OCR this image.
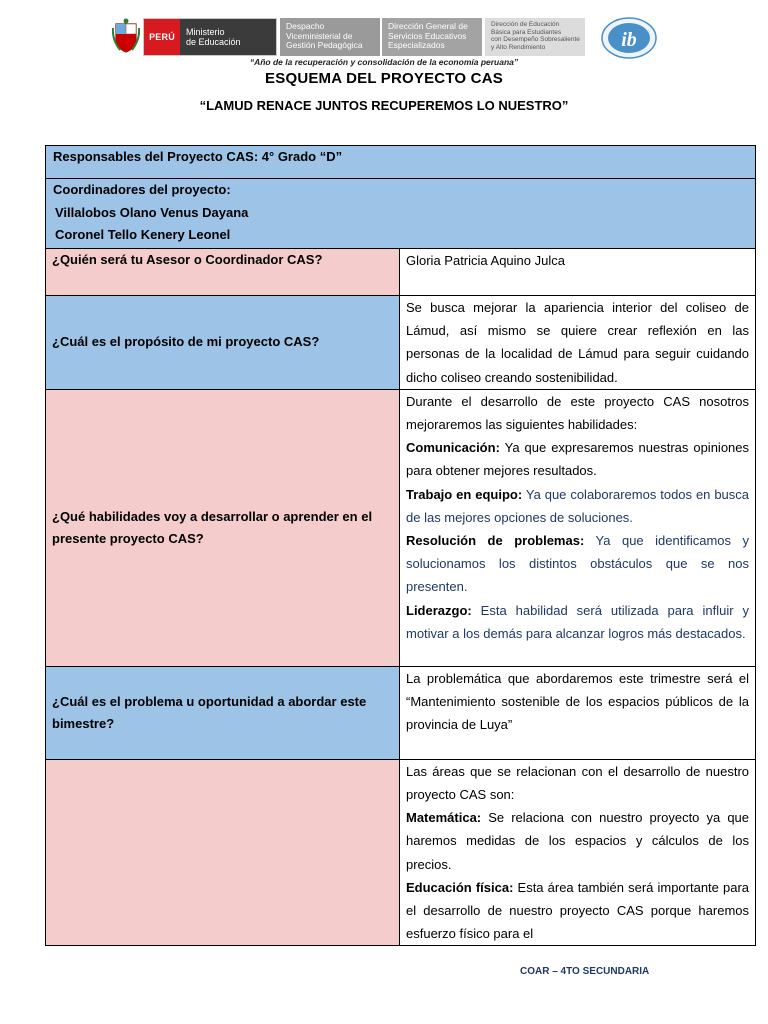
PERÚ	Ministerio
de Educación
Despacho
Viceministerial de
Gestión Pedagógica
Dirección General de
Servicios Educativos
Especializados
Dirección de Educación
Básica para Estudiantes
con Desempeño Sobresaliente
y Alto Rendimiento	ib
“Año de la recuperación y consolidación de la economía peruana”
ESQUEMA DEL PROYECTO CAS
“LAMUD RENACE JUNTOS RECUPEREMOS LO NUESTRO”
Responsables del Proyecto CAS: 4° Grado “D”	

Coordinadores del proyecto:
Villalobos Olano Venus Dayana
Coronel Tello Kenery Leonel	

¿Quién será tu Asesor o Coordinador CAS?	Gloria Patricia Aquino Julca
¿Cuál es el propósito de mi proyecto CAS?	Se busca mejorar la apariencia interior del coliseo de Lámud, así mismo se quiere crear reflexión en las personas de la localidad de Lámud para seguir cuidando dicho coliseo creando sostenibilidad.
¿Qué habilidades voy a desarrollar o aprender en el presente proyecto CAS?	Durante el desarrollo de este proyecto CAS nosotros mejoraremos las siguientes habilidades:

Comunicación: Ya que expresaremos nuestras opiniones para obtener mejores resultados.

Trabajo en equipo: Ya que colaboraremos todos en busca de las mejores opciones de soluciones.

Resolución de problemas: Ya que identificamos y solucionamos los distintos obstáculos que se nos presenten.

Liderazgo: Esta habilidad será utilizada para influir y motivar a los demás para alcanzar logros más destacados.

¿Cuál es el problema u oportunidad a abordar este bimestre?	La problemática que abordaremos este trimestre será el “Mantenimiento sostenible de los espacios públicos de la provincia de Luya”

	Las áreas que se relacionan con el desarrollo de nuestro proyecto CAS son:

Matemática: Se relaciona con nuestro proyecto ya que haremos medidas de los espacios y cálculos de los precios.

Educación física: Esta área también será importante para el desarrollo de nuestro proyecto CAS porque haremos esfuerzo físico para el

COAR – 4TO SECUNDARIA
